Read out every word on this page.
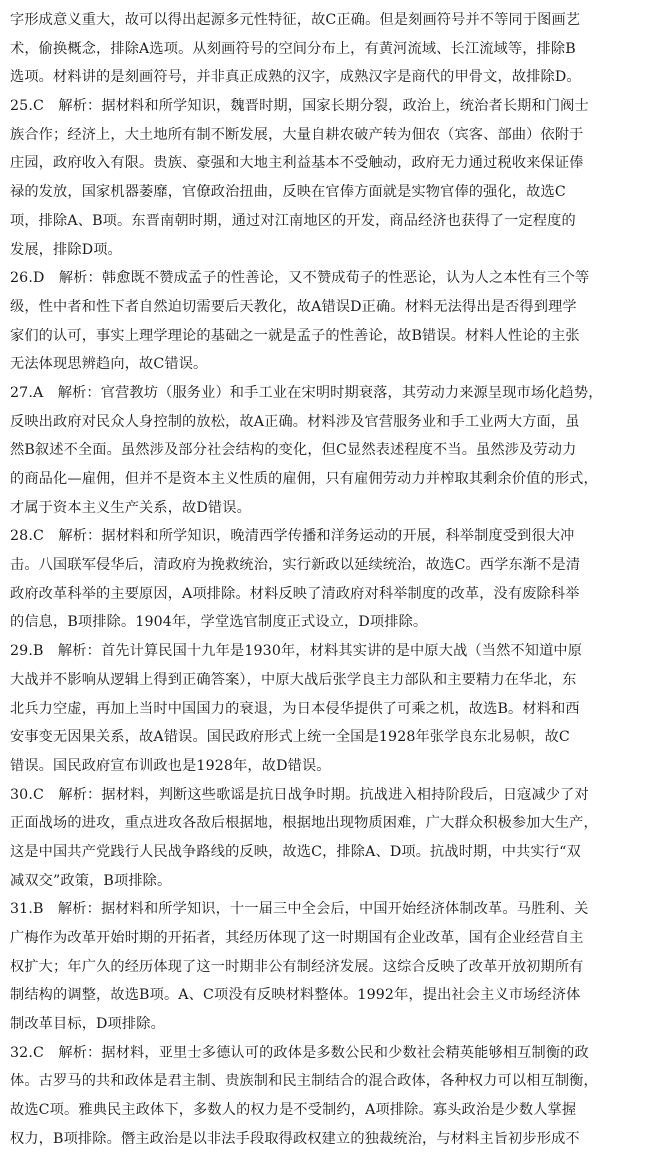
字形成意义重大，故可以得出起源多元性特征，故C正确。但是刻画符号并不等同于图画艺
术，偷换概念，排除A选项。从刻画符号的空间分布上，有黄河流域、长江流域等，排除B
选项。材料讲的是刻画符号，并非真正成熟的汉字，成熟汉字是商代的甲骨文，故排除D。
25.C　解析：据材料和所学知识，魏晋时期，国家长期分裂，政治上，统治者长期和门阀士
族合作；经济上，大土地所有制不断发展，大量自耕农破产转为佃农（宾客、部曲）依附于
庄园，政府收入有限。贵族、豪强和大地主利益基本不受触动，政府无力通过税收来保证俸
禄的发放，国家机器萎靡，官僚政治扭曲，反映在官俸方面就是实物官俸的强化，故选C
项，排除A、B项。东晋南朝时期，通过对江南地区的开发，商品经济也获得了一定程度的
发展，排除D项。
26.D　解析：韩愈既不赞成孟子的性善论，又不赞成荀子的性恶论，认为人之本性有三个等
级，性中者和性下者自然迫切需要后天教化，故A错误D正确。材料无法得出是否得到理学
家们的认可，事实上理学理论的基础之一就是孟子的性善论，故B错误。材料人性论的主张
无法体现思辨趋向，故C错误。
27.A　解析：官营教坊（服务业）和手工业在宋明时期衰落，其劳动力来源呈现市场化趋势，
反映出政府对民众人身控制的放松，故A正确。材料涉及官营服务业和手工业两大方面，虽
然B叙述不全面。虽然涉及部分社会结构的变化，但C显然表述程度不当。虽然涉及劳动力
的商品化—雇佣，但并不是资本主义性质的雇佣，只有雇佣劳动力并榨取其剩余价值的形式，
才属于资本主义生产关系，故D错误。
28.C　解析：据材料和所学知识，晚清西学传播和洋务运动的开展，科举制度受到很大冲
击。八国联军侵华后，清政府为挽救统治，实行新政以延续统治，故选C。西学东渐不是清
政府改革科举的主要原因，A项排除。材料反映了清政府对科举制度的改革，没有废除科举
的信息，B项排除。1904年，学堂选官制度正式设立，D项排除。
29.B　解析：首先计算民国十九年是1930年，材料其实讲的是中原大战（当然不知道中原
大战并不影响从逻辑上得到正确答案），中原大战后张学良主力部队和主要精力在华北，东
北兵力空虚，再加上当时中国国力的衰退，为日本侵华提供了可乘之机，故选B。材料和西
安事变无因果关系，故A错误。国民政府形式上统一全国是1928年张学良东北易帜，故C
错误。国民政府宣布训政也是1928年，故D错误。
30.C　解析：据材料，判断这些歌谣是抗日战争时期。抗战进入相持阶段后，日寇减少了对
正面战场的进攻，重点进攻各敌后根据地，根据地出现物质困难，广大群众积极参加大生产，
这是中国共产党践行人民战争路线的反映，故选C，排除A、D项。抗战时期，中共实行“双
减双交”政策，B项排除。
31.B　解析：据材料和所学知识，十一届三中全会后，中国开始经济体制改革。马胜利、关
广梅作为改革开始时期的开拓者，其经历体现了这一时期国有企业改革，国有企业经营自主
权扩大；年广久的经历体现了这一时期非公有制经济发展。这综合反映了改革开放初期所有
制结构的调整，故选B项。A、C项没有反映材料整体。1992年，提出社会主义市场经济体
制改革目标，D项排除。
32.C　解析：据材料，亚里士多德认可的政体是多数公民和少数社会精英能够相互制衡的政
体。古罗马的共和政体是君主制、贵族制和民主制结合的混合政体，各种权力可以相互制衡，
故选C项。雅典民主政体下，多数人的权力是不受制约，A项排除。寡头政治是少数人掌握
权力，B项排除。僭主政治是以非法手段取得政权建立的独裁统治，与材料主旨初步形成不
